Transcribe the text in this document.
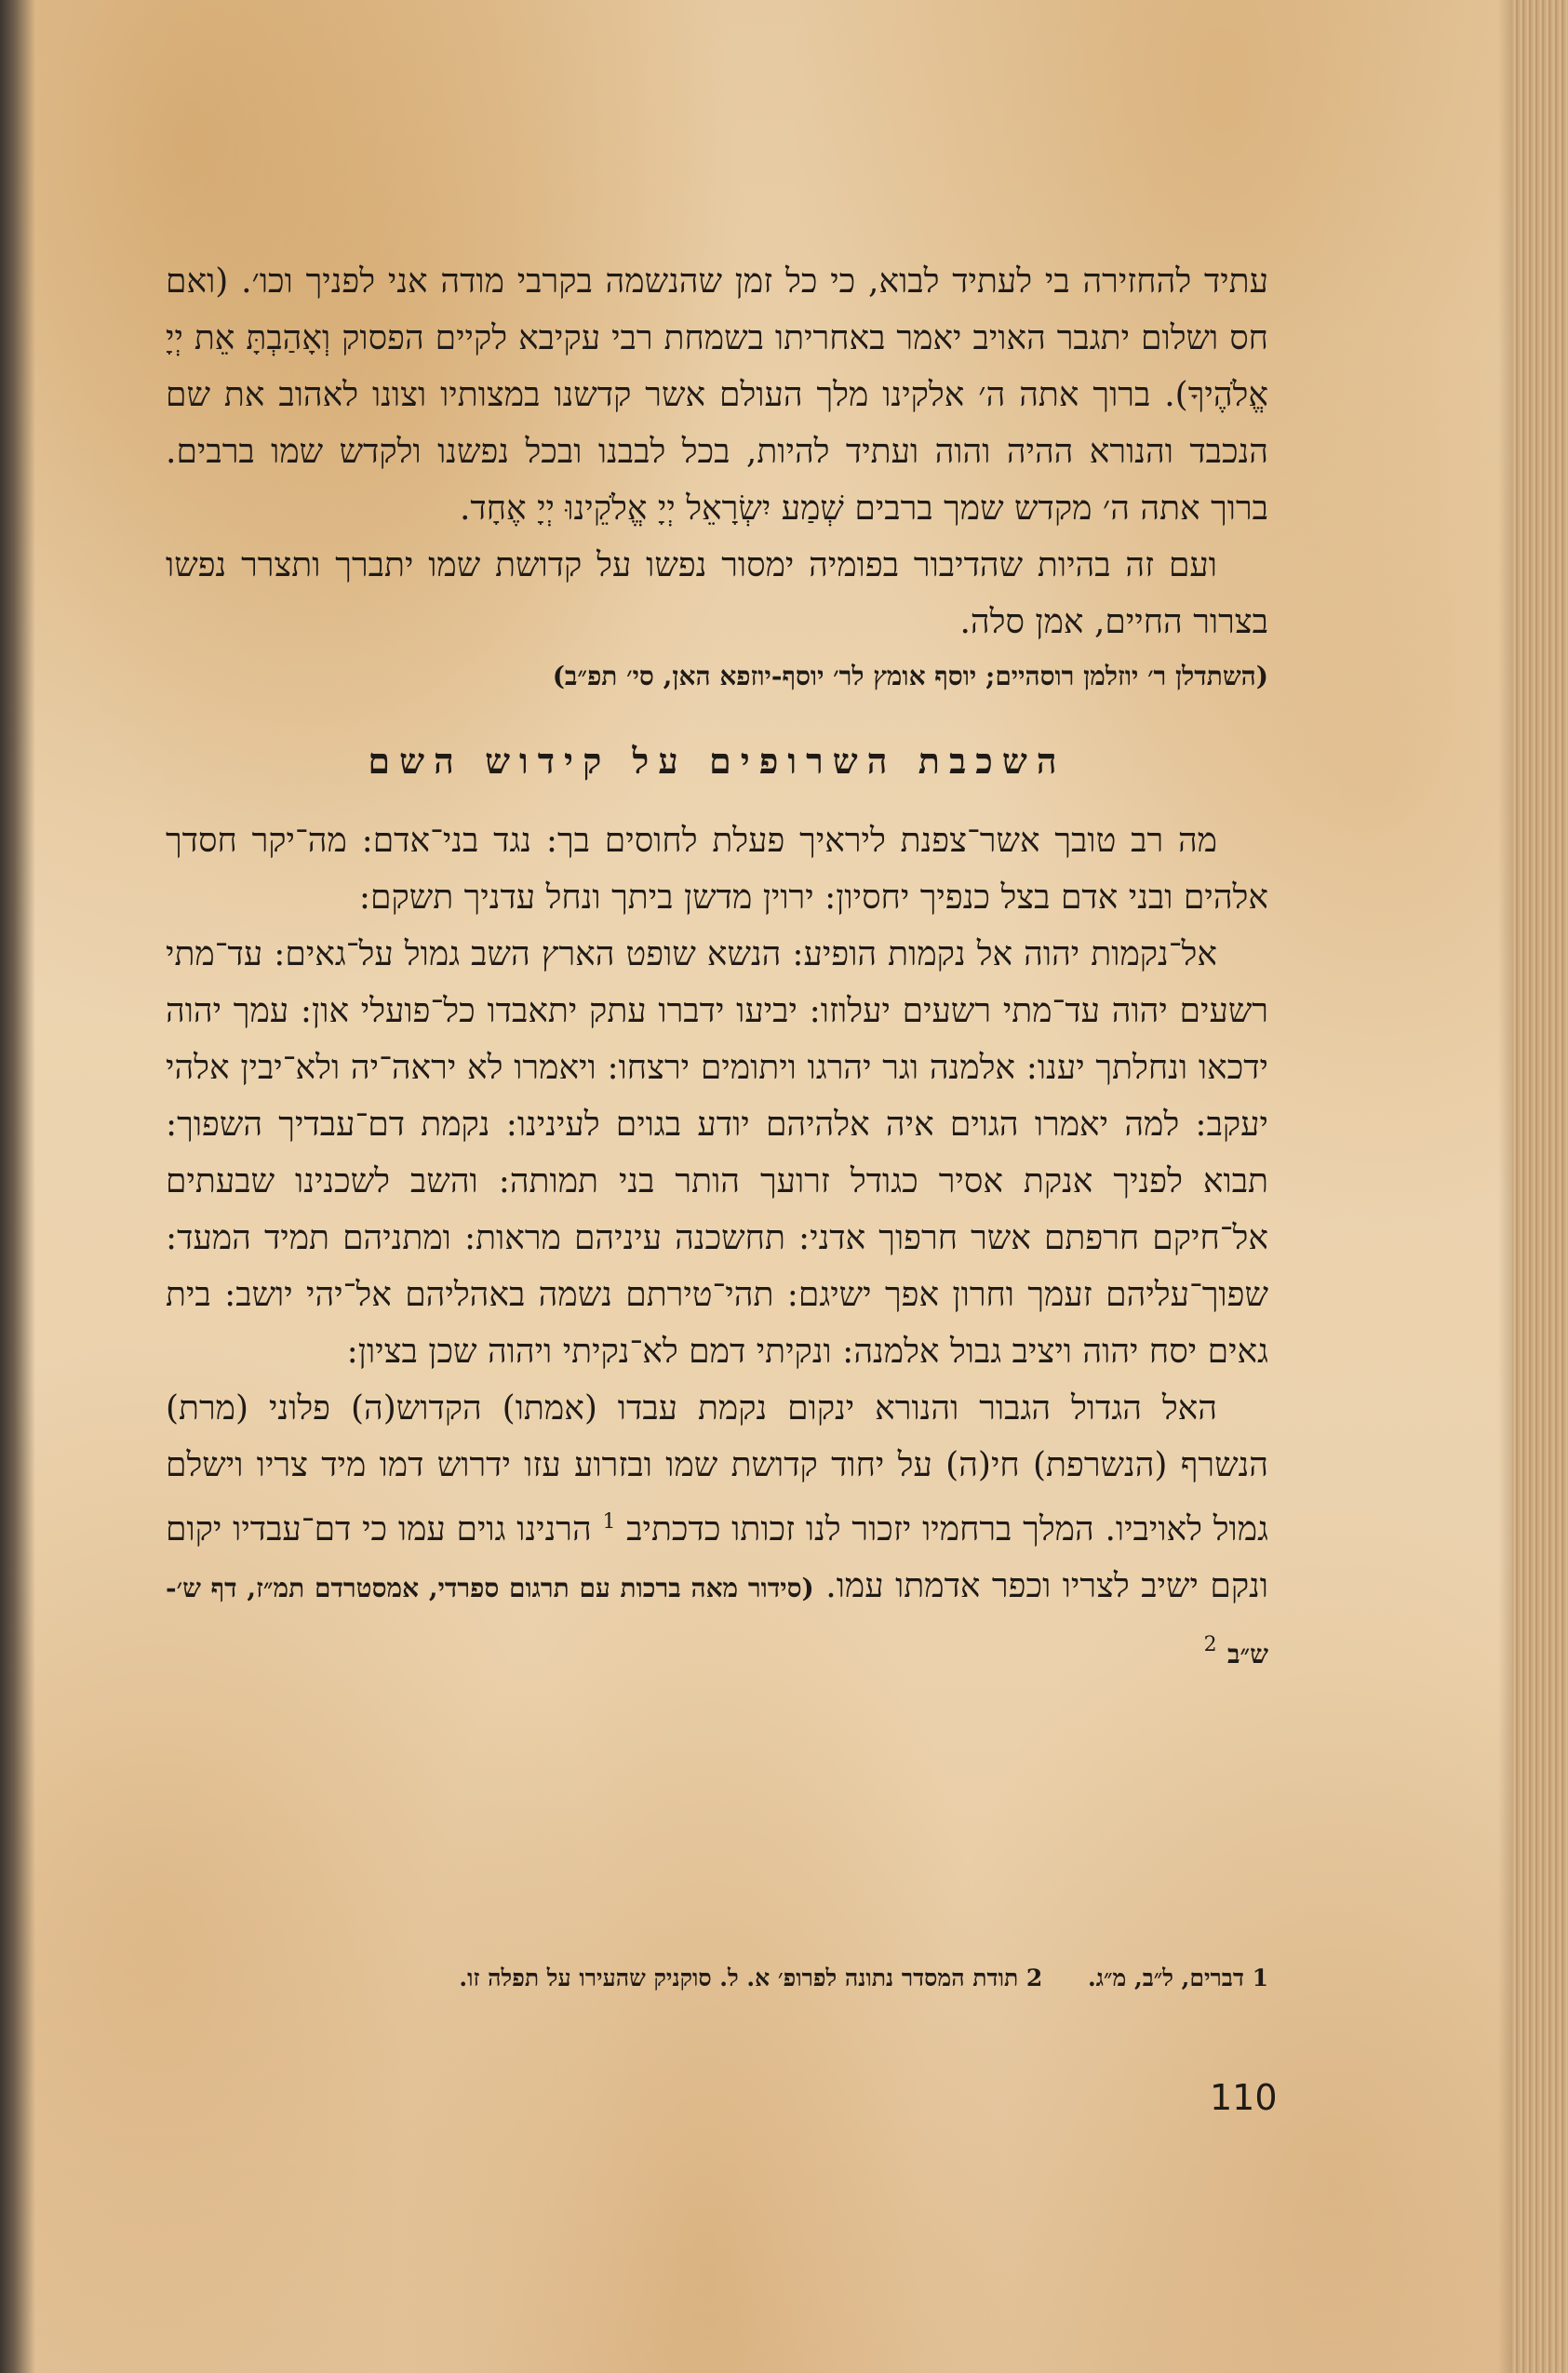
עתיד להחזירה בי לעתיד לבוא, כי כל זמן שהנשמה בקרבי מודה אני לפניך וכו׳. (ואם חס ושלום יתגבר האויב יאמר באחריתו בשמחת רבי עקיבא לקיים הפסוק וְאָהַבְתָּ אֵת יְיָ אֱלֹהֶיךָ). ברוך אתה ה׳ אלקינו מלך העולם אשר קדשנו במצותיו וצונו לאהוב את שם הנכבד והנורא ההיה והוה ועתיד להיות, בכל לבבנו ובכל נפשנו ולקדש שמו ברבים. ברוך אתה ה׳ מקדש שמך ברבים שְׁמַע יִשְׂרָאֵל יְיָ אֱלֹקֵינוּ יְיָ אֶחָד.

ועם זה בהיות שהדיבור בפומיה ימסור נפשו על קדושת שמו יתברך ותצרר נפשו בצרור החיים, אמן סלה.

(השתדלן ר׳ יוזלמן רוסהיים; יוסף אומץ לר׳ יוסף-יוזפא האן, סי׳ תפ״ב)

השכבת השרופים על קידוש השם

מה רב טובך אשר־צפנת ליראיך פעלת לחוסים בך: נגד בני־אדם: מה־יקר חסדך אלהים ובני אדם בצל כנפיך יחסיון: ירוין מדשן ביתך ונחל עדניך תשקם:

אל־נקמות יהוה אל נקמות הופיע: הנשא שופט הארץ השב גמול על־גאים: עד־מתי רשעים יהוה עד־מתי רשעים יעלוזו: יביעו ידברו עתק יתאבדו כל־פועלי און: עמך יהוה ידכאו ונחלתך יענו: אלמנה וגר יהרגו ויתומים ירצחו: ויאמרו לא יראה־יה ולא־יבין אלהי יעקב: למה יאמרו הגוים איה אלהיהם יודע בגוים לעינינו: נקמת דם־עבדיך השפוך: תבוא לפניך אנקת אסיר כגודל זרועך הותר בני תמותה: והשב לשכנינו שבעתים אל־חיקם חרפתם אשר חרפוך אדני: תחשכנה עיניהם מראות: ומתניהם תמיד המעד: שפוך־עליהם זעמך וחרון אפך ישיגם: תהי־טירתם נשמה באהליהם אל־יהי יושב: בית גאים יסח יהוה ויציב גבול אלמנה: ונקיתי דמם לא־נקיתי ויהוה שכן בציון:

האל הגדול הגבור והנורא ינקום נקמת עבדו (אמתו) הקדוש(ה) פלוני (מרת) הנשרף (הנשרפת) חי(ה) על יחוד קדושת שמו ובזרוע עזו ידרוש דמו מיד צריו וישלם גמול לאויביו. המלך ברחמיו יזכור לנו זכותו כדכתיב $^1$ הרנינו גוים עמו כי דם־עבדיו יקום ונקם ישיב לצריו וכפר אדמתו עמו. (סידור מאה ברכות עם תרגום ספרדי, אמסטרדם תמ״ז, דף ש׳-ש״ב $^2$

1 דברים, ל״ב, מ״ג. 2 תודת המסדר נתונה לפרופ׳ א. ל. סוקניק שהעירו על תפלה זו.
110
